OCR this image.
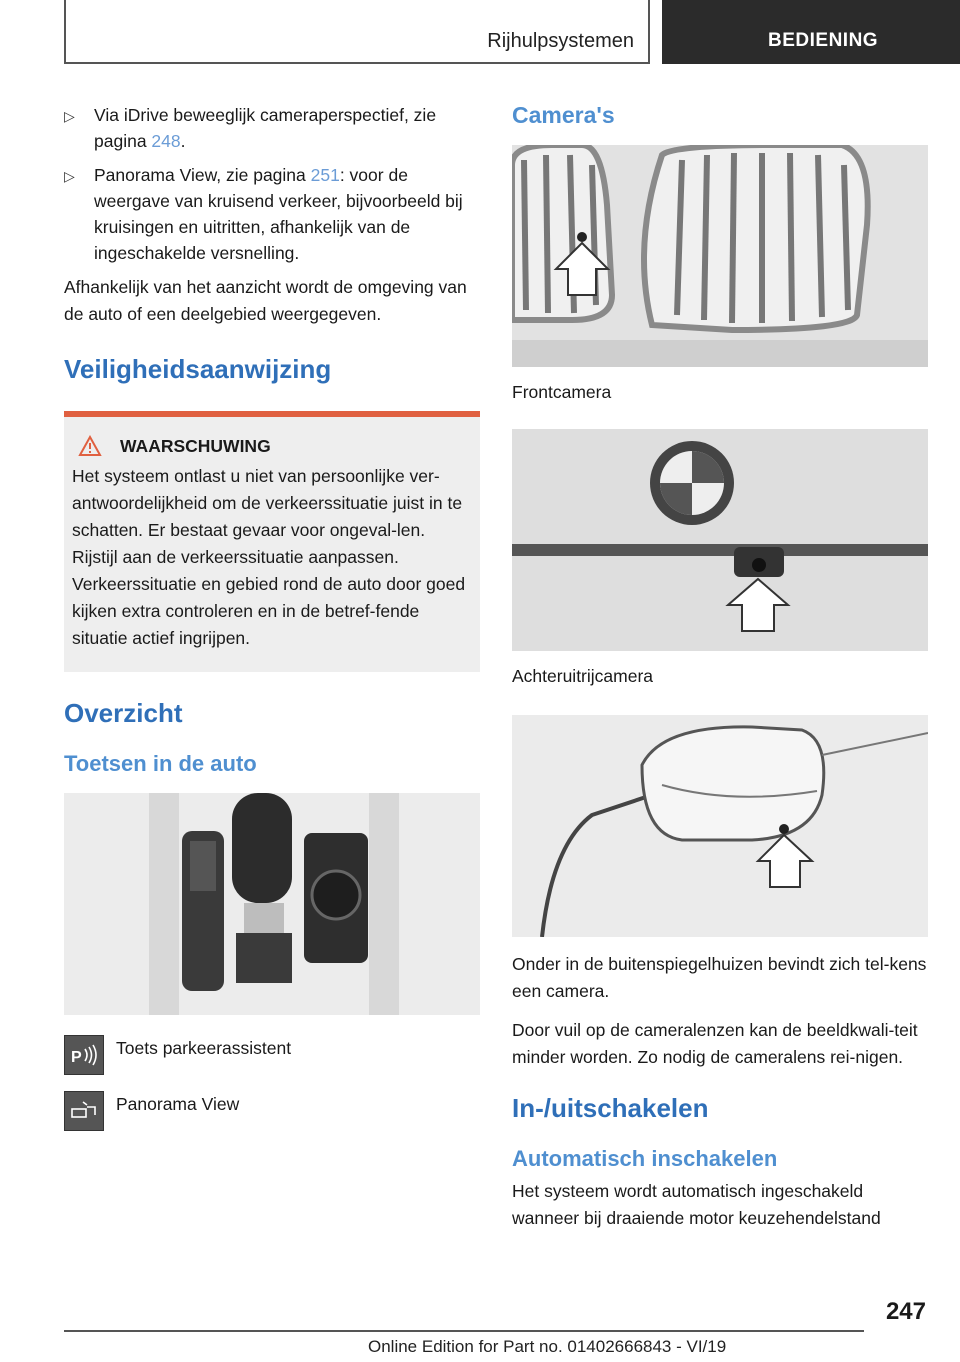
Rijhulpsystemen	BEDIENING
▷ Via iDrive beweeglijk cameraperspectief, zie pagina 248.
▷ Panorama View, zie pagina 251: voor de weergave van kruisend verkeer, bijvoorbeeld bij kruisingen en uitritten, afhankelijk van de ingeschakelde versnelling.

Afhankelijk van het aanzicht wordt de omgeving van de auto of een deelgebied weergegeven.

Veiligheidsaanwijzing
WAARSCHUWING
Het systeem ontlast u niet van persoonlijke ver-antwoordelijkheid om de verkeerssituatie juist in te schatten. Er bestaat gevaar voor ongeval-len. Rijstijl aan de verkeerssituatie aanpassen. Verkeerssituatie en gebied rond de auto door goed kijken extra controleren en in de betref-fende situatie actief ingrijpen.
Overzicht
Toetsen in de auto
P Toets parkeerassistent
Panorama View
Camera's
Frontcamera
Achteruitrijcamera

Onder in de buitenspiegelhuizen bevindt zich tel-kens een camera.

Door vuil op de cameralenzen kan de beeldkwali-teit minder worden. Zo nodig de cameralens rei-nigen.

In-/uitschakelen
Automatisch inschakelen

Het systeem wordt automatisch ingeschakeld wanneer bij draaiende motor keuzehendelstand

247
Online Edition for Part no. 01402666843 - VI/19
